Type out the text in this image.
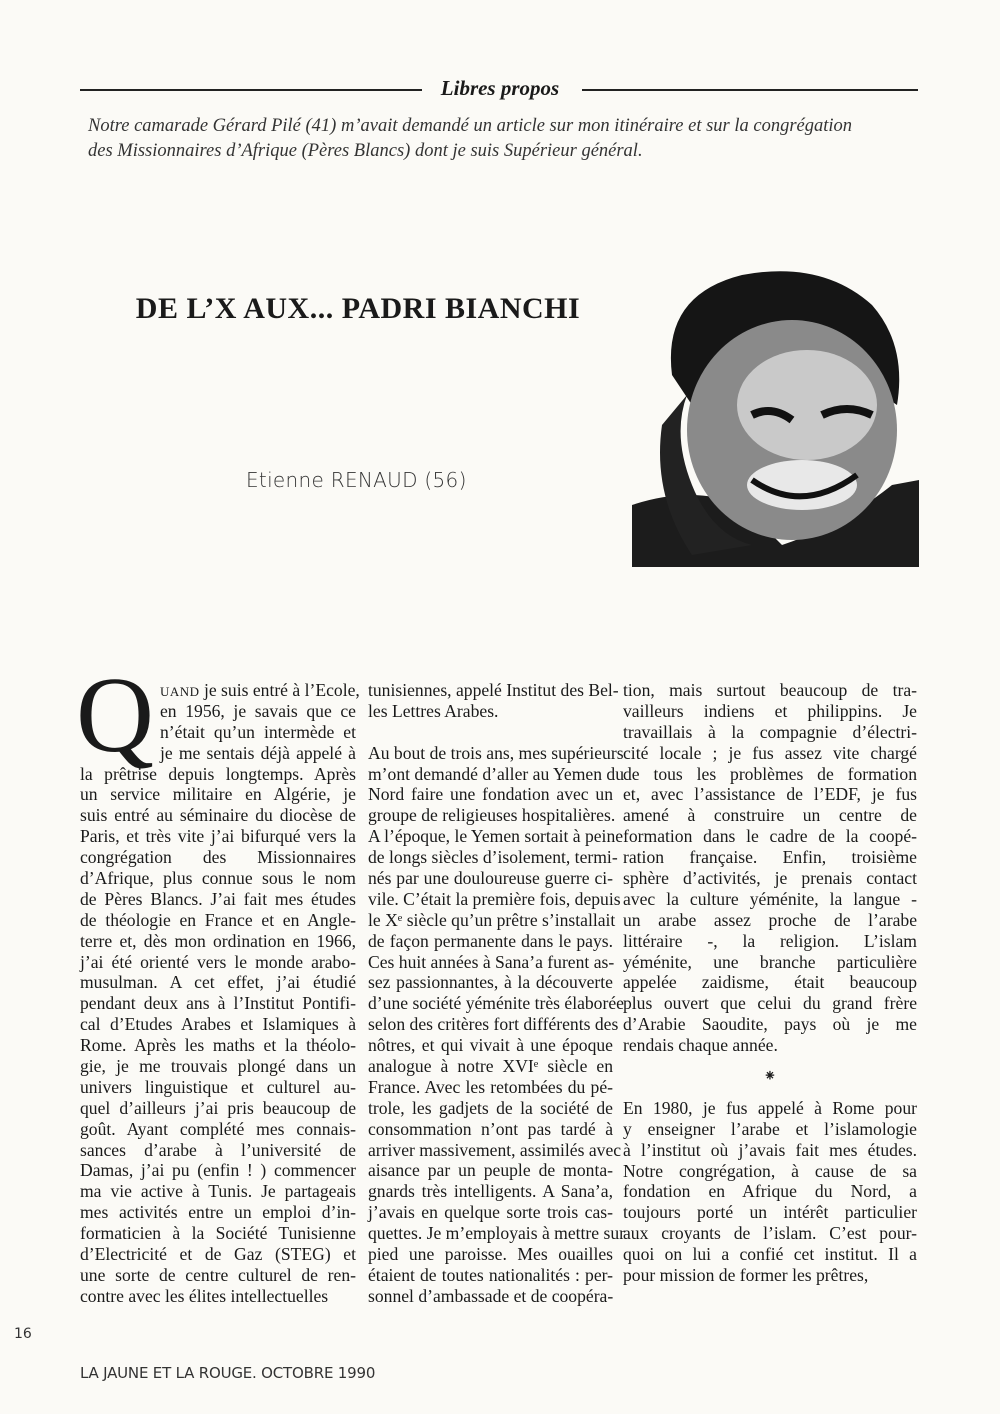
Libres propos
Notre camarade Gérard Pilé (41) m’avait demandé un article sur mon itinéraire et sur la congrégation
des Missionnaires d’Afrique (Pères Blancs) dont je suis Supérieur général.
DE L’X AUX... PADRI BIANCHI
Etienne RENAUD (56)
Q UAND je suis entré à l’Ecole,
en 1956, je savais que ce
n’était qu’un intermède et
je me sentais déjà appelé à
la prêtrise depuis longtemps. Après
un service militaire en Algérie, je
suis entré au séminaire du diocèse de
Paris, et très vite j’ai bifurqué vers la
congrégation des Missionnaires
d’Afrique, plus connue sous le nom
de Pères Blancs. J’ai fait mes études
de théologie en France et en Angle-
terre et, dès mon ordination en 1966,
j’ai été orienté vers le monde arabo-
musulman. A cet effet, j’ai étudié
pendant deux ans à l’Institut Pontifi-
cal d’Etudes Arabes et Islamiques à
Rome. Après les maths et la théolo-
gie, je me trouvais plongé dans un
univers linguistique et culturel au-
quel d’ailleurs j’ai pris beaucoup de
goût. Ayant complété mes connais-
sances d’arabe à l’université de
Damas, j’ai pu (enfin ! ) commencer
ma vie active à Tunis. Je partageais
mes activités entre un emploi d’in-
formaticien à la Société Tunisienne
d’Electricité et de Gaz (STEG) et
une sorte de centre culturel de ren-
contre avec les élites intellectuelles
tunisiennes, appelé Institut des Bel-
les Lettres Arabes.
Au bout de trois ans, mes supérieurs
m’ont demandé d’aller au Yemen du
Nord faire une fondation avec un
groupe de religieuses hospitalières.
A l’époque, le Yemen sortait à peine
de longs siècles d’isolement, termi-
nés par une douloureuse guerre ci-
vile. C’était la première fois, depuis
le Xᵉ siècle qu’un prêtre s’installait
de façon permanente dans le pays.
Ces huit années à Sana’a furent as-
sez passionnantes, à la découverte
d’une société yéménite très élaborée
selon des critères fort différents des
nôtres, et qui vivait à une époque
analogue à notre XVIᵉ siècle en
France. Avec les retombées du pé-
trole, les gadjets de la société de
consommation n’ont pas tardé à
arriver massivement, assimilés avec
aisance par un peuple de monta-
gnards très intelligents. A Sana’a,
j’avais en quelque sorte trois cas-
quettes. Je m’employais à mettre sur
pied une paroisse. Mes ouailles
étaient de toutes nationalités : per-
sonnel d’ambassade et de coopéra-
tion, mais surtout beaucoup de tra-
vailleurs indiens et philippins. Je
travaillais à la compagnie d’électri-
cité locale ; je fus assez vite chargé
de tous les problèmes de formation
et, avec l’assistance de l’EDF, je fus
amené à construire un centre de
formation dans le cadre de la coopé-
ration française. Enfin, troisième
sphère d’activités, je prenais contact
avec la culture yéménite, la langue -
un arabe assez proche de l’arabe
littéraire -, la religion. L’islam
yéménite, une branche particulière
appelée zaidisme, était beaucoup
plus ouvert que celui du grand frère
d’Arabie Saoudite, pays où je me
rendais chaque année.
⁕
En 1980, je fus appelé à Rome pour
y enseigner l’arabe et l’islamologie
à l’institut où j’avais fait mes études.
Notre congrégation, à cause de sa
fondation en Afrique du Nord, a
toujours porté un intérêt particulier
aux croyants de l’islam. C’est pour-
quoi on lui a confié cet institut. Il a
pour mission de former les prêtres,
16
LA JAUNE ET LA ROUGE. OCTOBRE 1990
